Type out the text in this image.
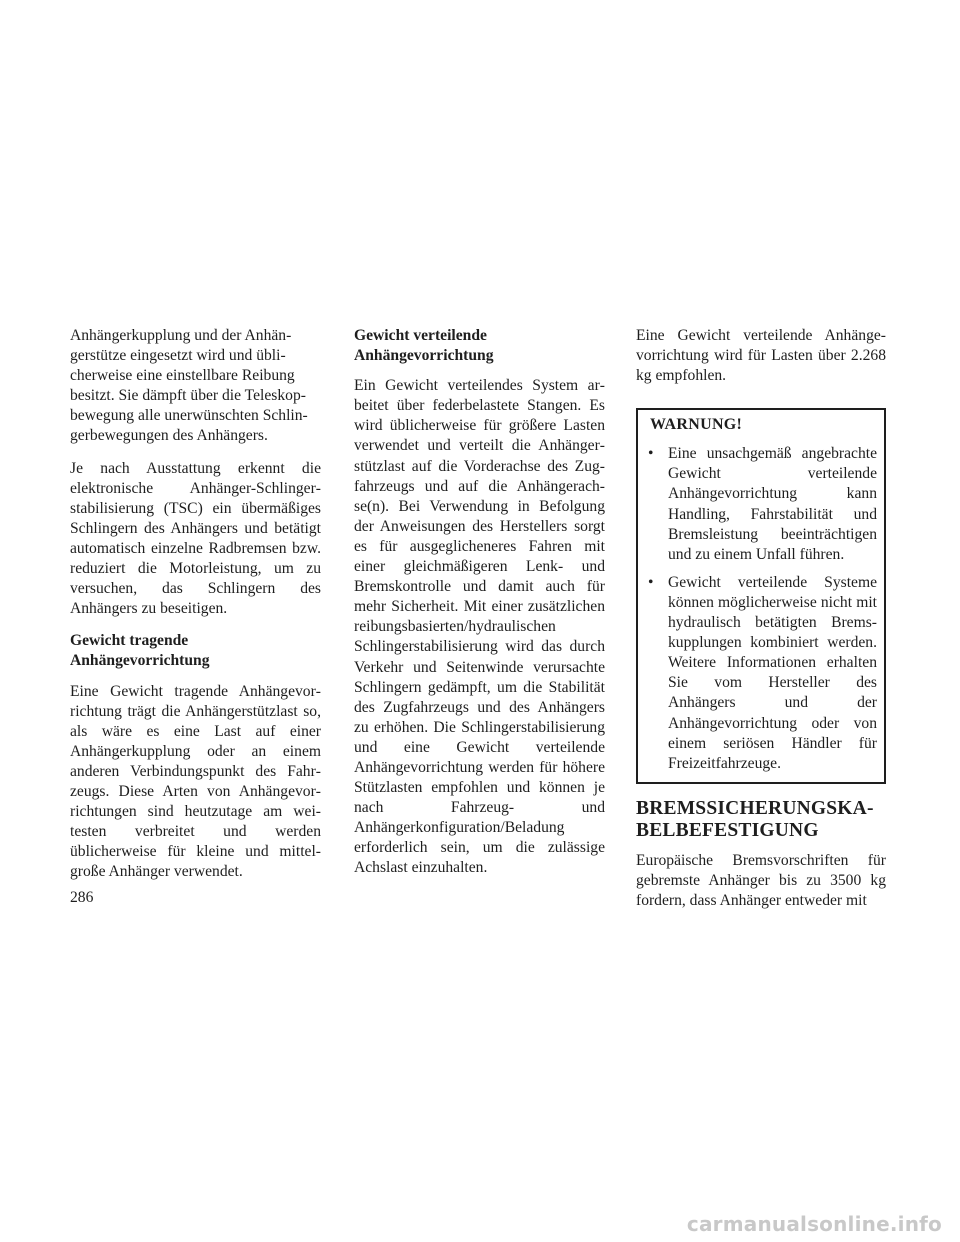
Anhängerkupplung und der Anhängerstütze eingesetzt wird und üblicherweise eine einstellbare Reibung besitzt. Sie dämpft über die Teleskopbewegung alle unerwünschten Schlingerbewegungen des Anhängers.

Je nach Ausstattung erkennt die elektronische Anhänger-Schlingerstabilisierung (TSC) ein übermäßiges Schlingern des Anhängers und betätigt automatisch einzelne Radbremsen bzw. reduziert die Motorleistung, um zu versuchen, das Schlingern des Anhängers zu beseitigen.

Gewicht tragende Anhängevorrichtung

Eine Gewicht tragende Anhängevorrichtung trägt die Anhängerstützlast so, als wäre es eine Last auf einer Anhängerkupplung oder an einem anderen Verbindungspunkt des Fahrzeugs. Diese Arten von Anhängevorrichtungen sind heutzutage am weitesten verbreitet und werden üblicherweise für kleine und mittelgroße Anhänger verwendet.

Gewicht verteilende Anhängevorrichtung

Ein Gewicht verteilendes System arbeitet über federbelastete Stangen. Es wird üblicherweise für größere Lasten verwendet und verteilt die Anhängerstützlast auf die Vorderachse des Zugfahrzeugs und auf die Anhängerachse(n). Bei Verwendung in Befolgung der Anweisungen des Herstellers sorgt es für ausgeglicheneres Fahren mit einer gleichmäßigeren Lenk- und Bremskontrolle und damit auch für mehr Sicherheit. Mit einer zusätzlichen reibungsbasierten/hydraulischen Schlingerstabilisierung wird das durch Verkehr und Seitenwinde verursachte Schlingern gedämpft, um die Stabilität des Zugfahrzeugs und des Anhängers zu erhöhen. Die Schlingerstabilisierung und eine Gewicht verteilende Anhängevorrichtung werden für höhere Stützlasten empfohlen und können je nach Fahrzeug- und Anhängerkonfiguration/Beladung erforderlich sein, um die zulässige Achslast einzuhalten.

Eine Gewicht verteilende Anhängevorrichtung wird für Lasten über 2.268 kg empfohlen.

WARNUNG!
• Eine unsachgemäß angebrachte Gewicht verteilende Anhängevorrichtung kann Handling, Fahrstabilität und Bremsleistung beeinträchtigen und zu einem Unfall führen.
• Gewicht verteilende Systeme können möglicherweise nicht mit hydraulisch betätigten Bremskupplungen kombiniert werden. Weitere Informationen erhalten Sie vom Hersteller des Anhängers und der Anhängevorrichtung oder von einem seriösen Händler für Freizeitfahrzeuge.
BREMSSICHERUNGSKABELBEFESTIGUNG

Europäische Bremsvorschriften für gebremste Anhänger bis zu 3500 kg fordern, dass Anhänger entweder mit

286
carmanualsonline.info
